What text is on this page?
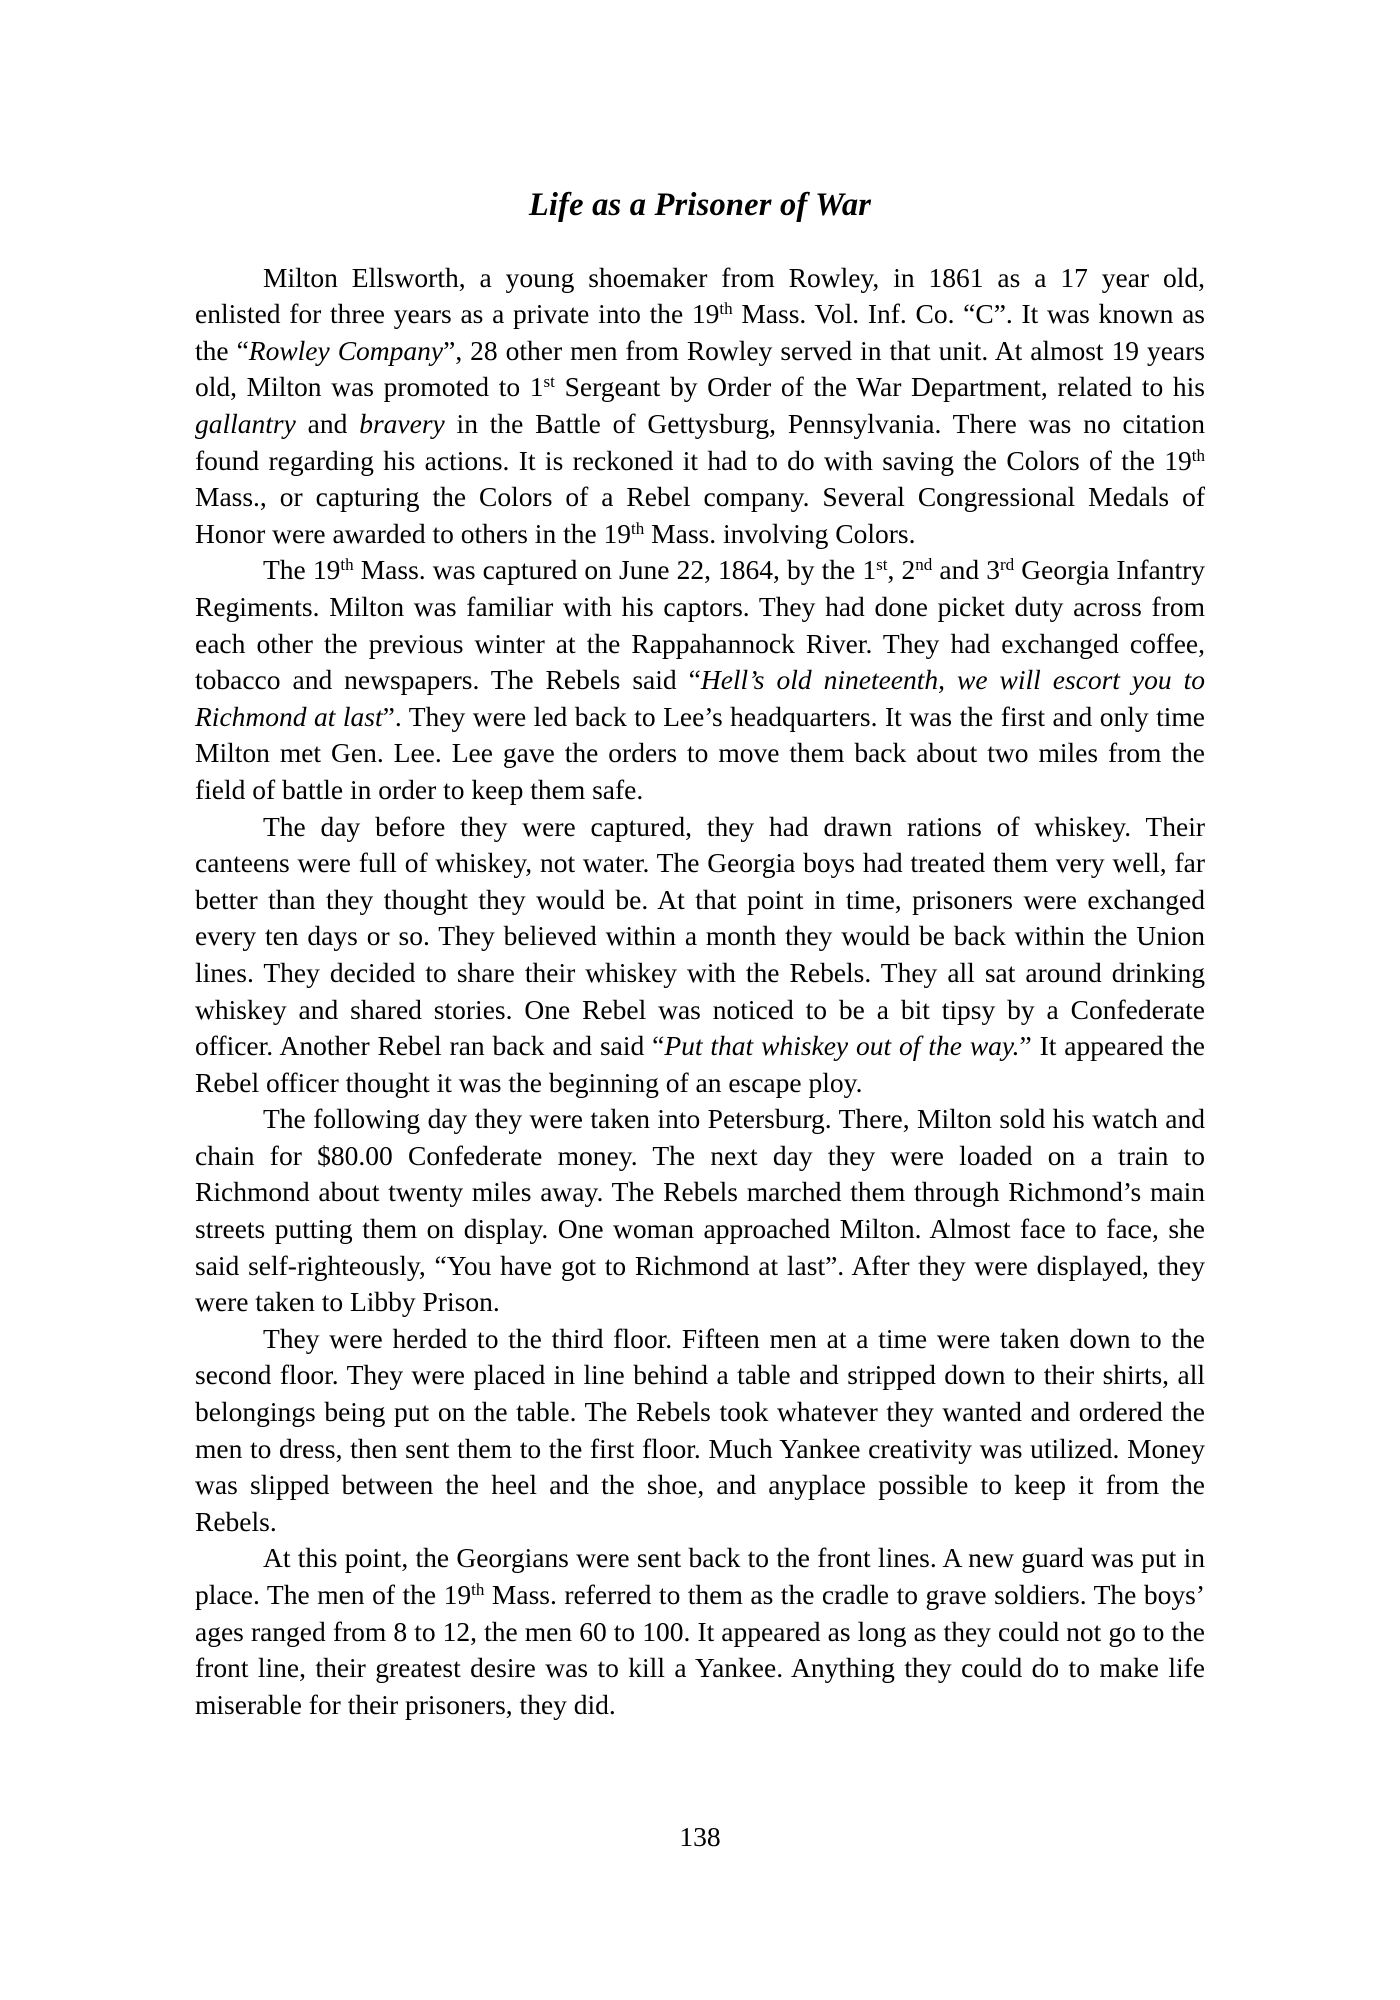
Life as a Prisoner of War

Milton Ellsworth, a young shoemaker from Rowley, in 1861 as a 17 year old, enlisted for three years as a private into the 19th Mass. Vol. Inf. Co. “C”. It was known as the “Rowley Company”, 28 other men from Rowley served in that unit. At almost 19 years old, Milton was promoted to 1st Sergeant by Order of the War Department, related to his gallantry and bravery in the Battle of Gettysburg, Pennsylvania. There was no citation found regarding his actions. It is reckoned it had to do with saving the Colors of the 19th Mass., or capturing the Colors of a Rebel company. Several Congressional Medals of Honor were awarded to others in the 19th Mass. involving Colors.

The 19th Mass. was captured on June 22, 1864, by the 1st, 2nd and 3rd Georgia Infantry Regiments. Milton was familiar with his captors. They had done picket duty across from each other the previous winter at the Rappahannock River. They had exchanged coffee, tobacco and newspapers. The Rebels said “Hell’s old nineteenth, we will escort you to Richmond at last”. They were led back to Lee’s headquarters. It was the first and only time Milton met Gen. Lee. Lee gave the orders to move them back about two miles from the field of battle in order to keep them safe.

The day before they were captured, they had drawn rations of whiskey. Their canteens were full of whiskey, not water. The Georgia boys had treated them very well, far better than they thought they would be. At that point in time, prisoners were exchanged every ten days or so. They believed within a month they would be back within the Union lines. They decided to share their whiskey with the Rebels. They all sat around drinking whiskey and shared stories. One Rebel was noticed to be a bit tipsy by a Confederate officer. Another Rebel ran back and said “Put that whiskey out of the way.” It appeared the Rebel officer thought it was the beginning of an escape ploy.

The following day they were taken into Petersburg. There, Milton sold his watch and chain for $80.00 Confederate money. The next day they were loaded on a train to Richmond about twenty miles away. The Rebels marched them through Richmond’s main streets putting them on display. One woman approached Milton. Almost face to face, she said self-righteously, “You have got to Richmond at last”. After they were displayed, they were taken to Libby Prison.

They were herded to the third floor. Fifteen men at a time were taken down to the second floor. They were placed in line behind a table and stripped down to their shirts, all belongings being put on the table. The Rebels took whatever they wanted and ordered the men to dress, then sent them to the first floor. Much Yankee creativity was utilized. Money was slipped between the heel and the shoe, and anyplace possible to keep it from the Rebels.

At this point, the Georgians were sent back to the front lines. A new guard was put in place. The men of the 19th Mass. referred to them as the cradle to grave soldiers. The boys’ ages ranged from 8 to 12, the men 60 to 100. It appeared as long as they could not go to the front line, their greatest desire was to kill a Yankee. Anything they could do to make life miserable for their prisoners, they did.

138
